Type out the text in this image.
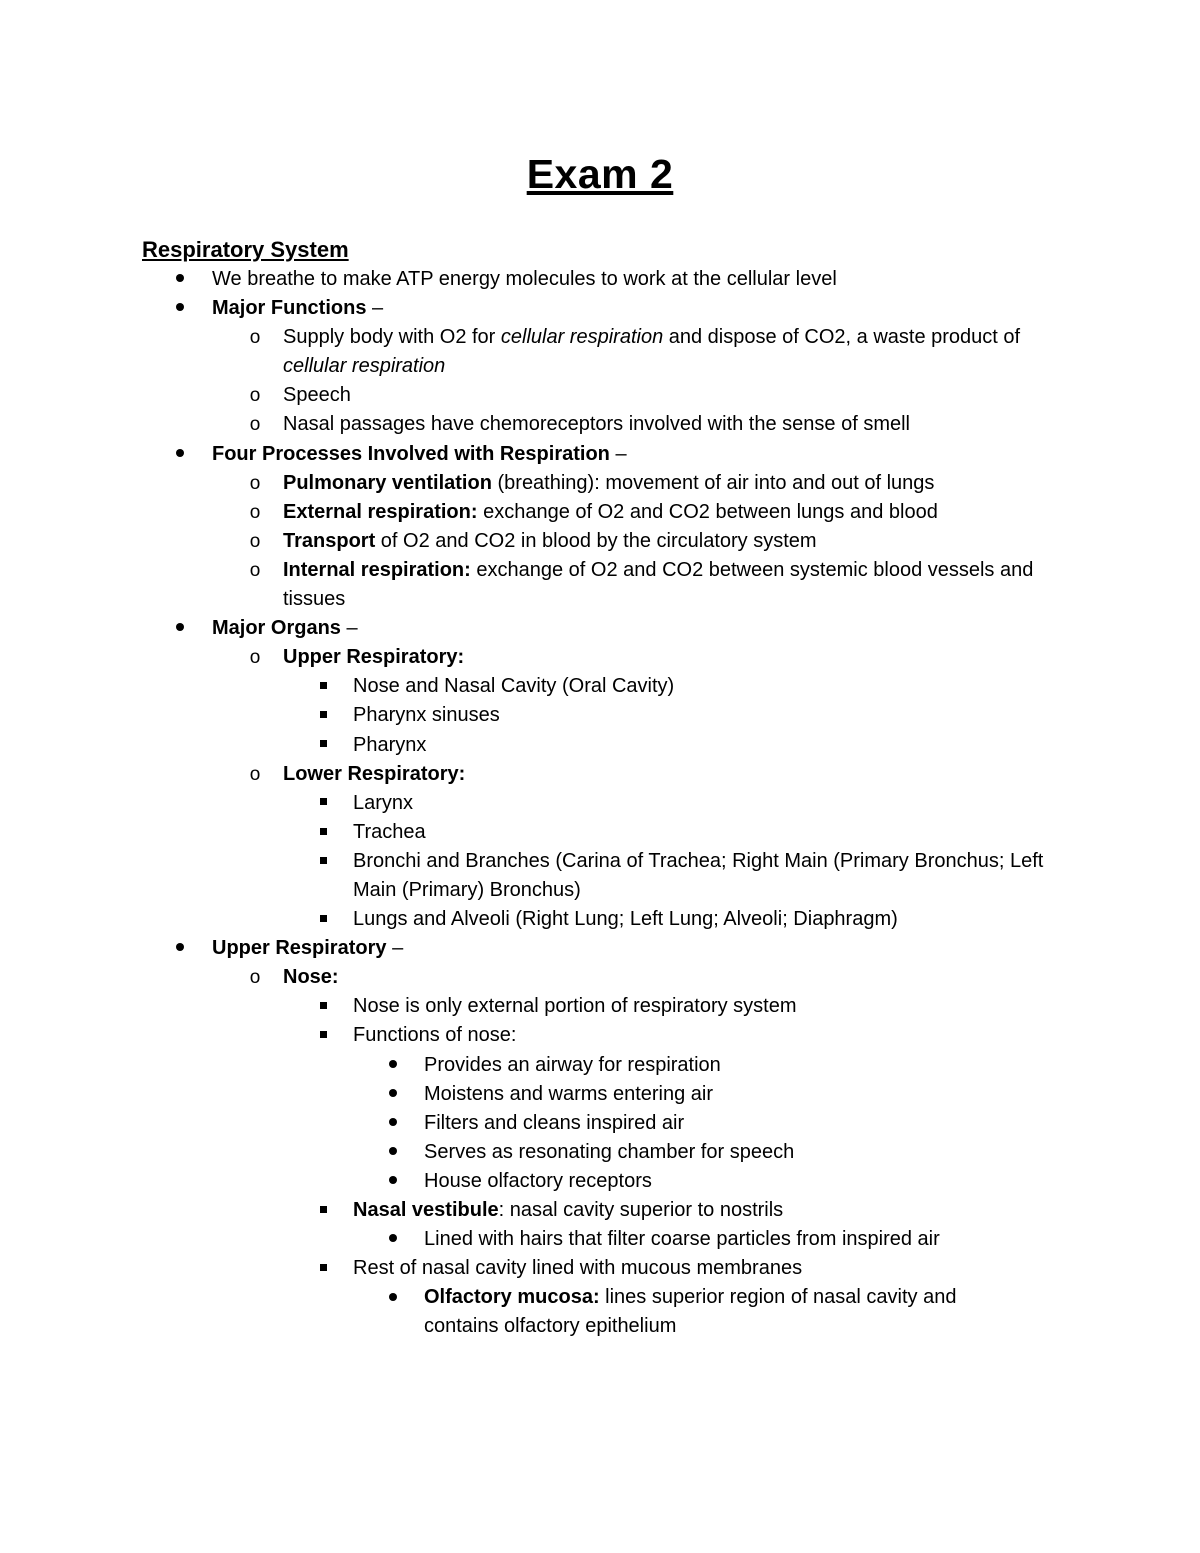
Exam 2
Respiratory System
We breathe to make ATP energy molecules to work at the cellular level
Major Functions –
o Supply body with O2 for cellular respiration and dispose of CO2, a waste product of cellular respiration
o Speech
o Nasal passages have chemoreceptors involved with the sense of smell
Four Processes Involved with Respiration –
o Pulmonary ventilation (breathing): movement of air into and out of lungs
o External respiration: exchange of O2 and CO2 between lungs and blood
o Transport of O2 and CO2 in blood by the circulatory system
o Internal respiration: exchange of O2 and CO2 between systemic blood vessels and tissues
Major Organs –
o Upper Respiratory:
Nose and Nasal Cavity (Oral Cavity)
Pharynx sinuses
Pharynx
o Lower Respiratory:
Larynx
Trachea
Bronchi and Branches (Carina of Trachea; Right Main (Primary Bronchus; Left Main (Primary) Bronchus)
Lungs and Alveoli (Right Lung; Left Lung; Alveoli; Diaphragm)
Upper Respiratory –
o Nose:
Nose is only external portion of respiratory system
Functions of nose:
Provides an airway for respiration
Moistens and warms entering air
Filters and cleans inspired air
Serves as resonating chamber for speech
House olfactory receptors
Nasal vestibule: nasal cavity superior to nostrils
Lined with hairs that filter coarse particles from inspired air
Rest of nasal cavity lined with mucous membranes
Olfactory mucosa: lines superior region of nasal cavity and contains olfactory epithelium
